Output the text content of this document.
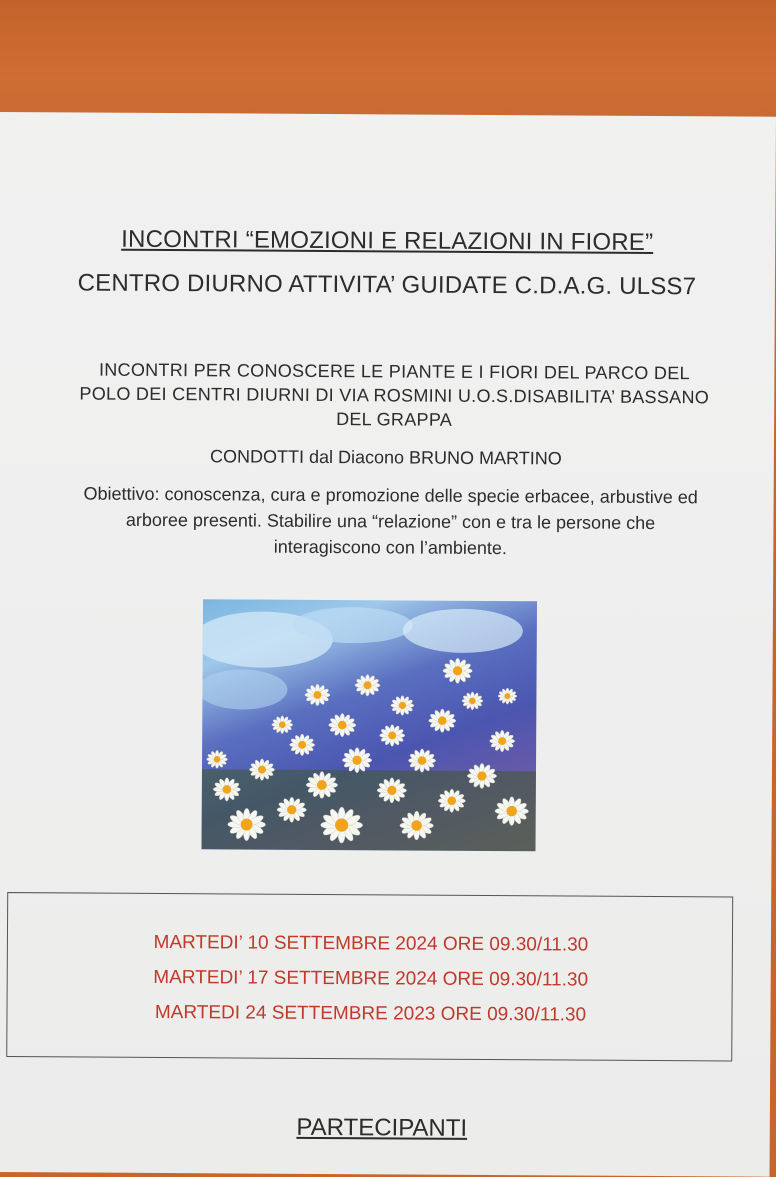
INCONTRI “EMOZIONI E RELAZIONI IN FIORE”
CENTRO DIURNO ATTIVITA’ GUIDATE C.D.A.G. ULSS7
INCONTRI PER CONOSCERE LE PIANTE E I FIORI DEL PARCO DEL
POLO DEI CENTRI DIURNI DI VIA ROSMINI U.O.S.DISABILITA’ BASSANO
DEL GRAPPA
CONDOTTI dal Diacono BRUNO MARTINO
Obiettivo: conoscenza, cura e promozione delle specie erbacee, arbustive ed
arboree presenti. Stabilire una “relazione” con e tra le persone che
interagiscono con l’ambiente.
MARTEDI’ 10 SETTEMBRE 2024 ORE 09.30/11.30
MARTEDI’ 17 SETTEMBRE 2024 ORE 09.30/11.30
MARTEDI 24 SETTEMBRE 2023 ORE 09.30/11.30
PARTECIPANTI
